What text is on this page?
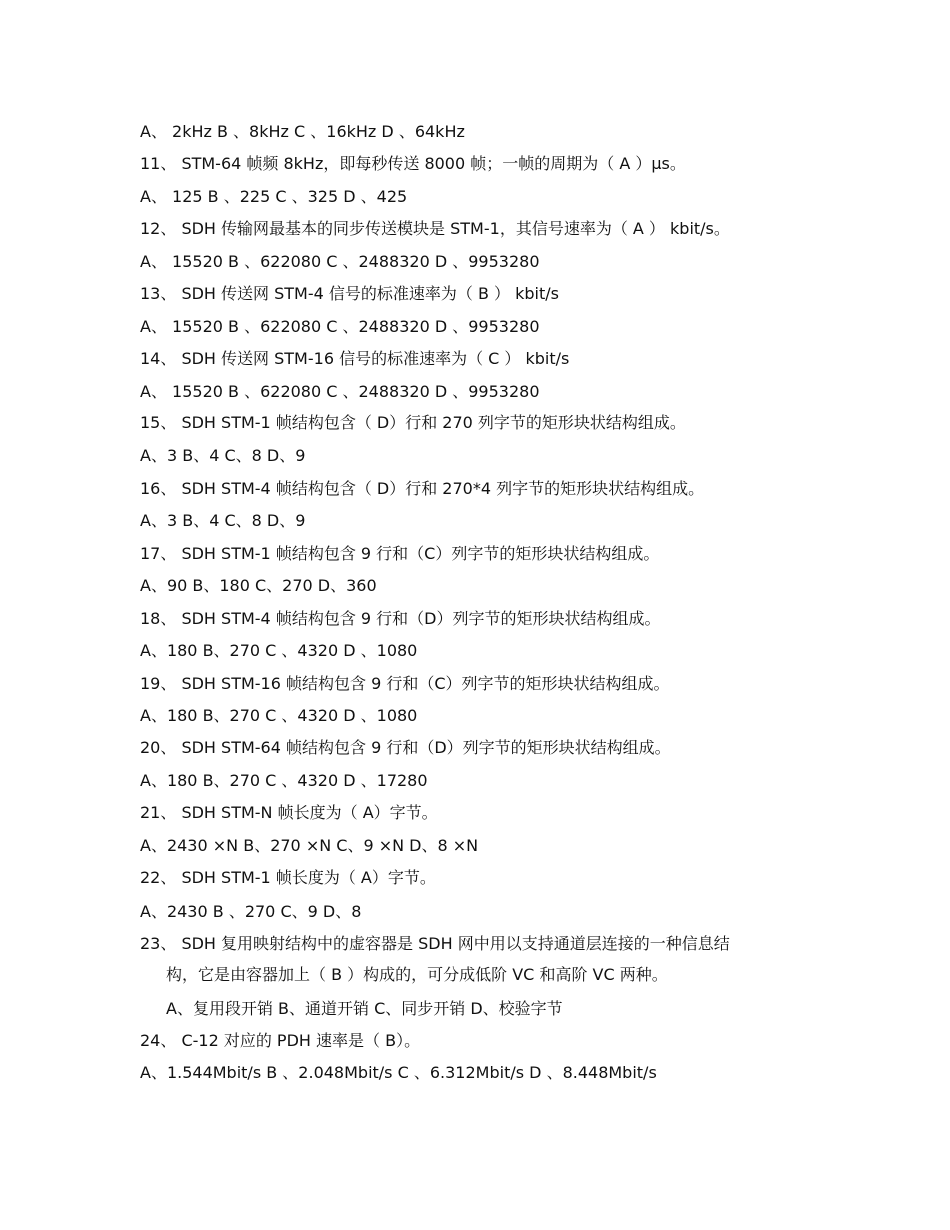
A、 2kHz B 、8kHz C 、16kHz D 、64kHz
11、 STM-64 帧频 8kHz，即每秒传送 8000 帧；一帧的周期为（ A ）µs。
A、 125 B 、225 C 、325 D 、425
12、 SDH 传输网最基本的同步传送模块是 STM-1，其信号速率为（ A ） kbit/s。
A、 15520 B 、622080 C 、2488320 D 、9953280
13、 SDH 传送网 STM-4 信号的标准速率为（ B ） kbit/s
A、 15520 B 、622080 C 、2488320 D 、9953280
14、 SDH 传送网 STM-16 信号的标准速率为（ C ） kbit/s
A、 15520 B 、622080 C 、2488320 D 、9953280
15、 SDH STM-1 帧结构包含（ D）行和 270 列字节的矩形块状结构组成。
A、3 B、4 C、8 D、9
16、 SDH STM-4 帧结构包含（ D）行和 270*4 列字节的矩形块状结构组成。
A、3 B、4 C、8 D、9
17、 SDH STM-1 帧结构包含 9 行和（C）列字节的矩形块状结构组成。
A、90 B、180 C、270 D、360
18、 SDH STM-4 帧结构包含 9 行和（D）列字节的矩形块状结构组成。
A、180 B、270 C 、4320 D 、1080
19、 SDH STM-16 帧结构包含 9 行和（C）列字节的矩形块状结构组成。
A、180 B、270 C 、4320 D 、1080
20、 SDH STM-64 帧结构包含 9 行和（D）列字节的矩形块状结构组成。
A、180 B、270 C 、4320 D 、17280
21、 SDH STM-N 帧长度为（ A）字节。
A、2430 ×N B、270 ×N C、9 ×N D、8 ×N
22、 SDH STM-1 帧长度为（ A）字节。
A、2430 B 、270 C、9 D、8
23、 SDH 复用映射结构中的虚容器是 SDH 网中用以支持通道层连接的一种信息结
构，它是由容器加上（ B ）构成的，可分成低阶 VC 和高阶 VC 两种。
A、复用段开销 B、通道开销 C、同步开销 D、校验字节
24、 C-12 对应的 PDH 速率是（ B）。
A、1.544Mbit/s B 、2.048Mbit/s C 、6.312Mbit/s D 、8.448Mbit/s
